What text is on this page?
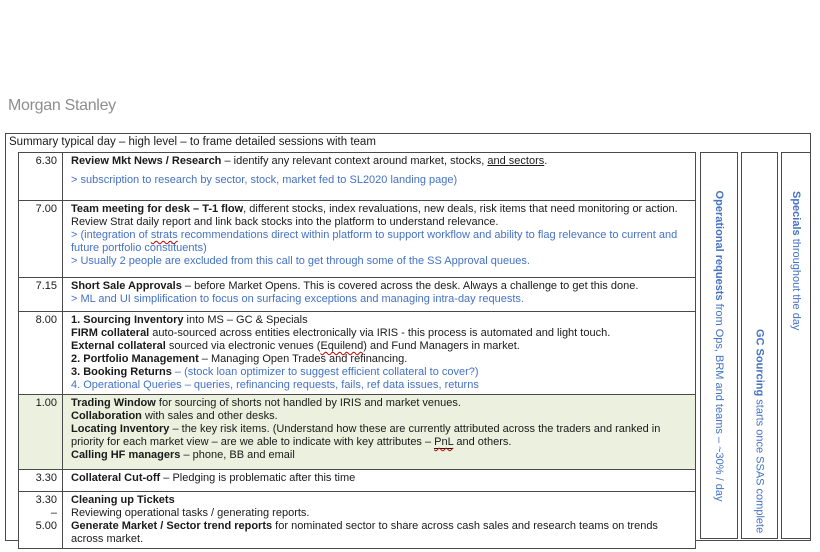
Morgan Stanley
Summary typical day – high level – to frame detailed sessions with team
6.30 Review Mkt News / Research – identify any relevant context around market, stocks, and sectors.
> subscription to research by sector, stock, market fed to SL2020 landing page)
7.00 Team meeting for desk – T-1 flow, different stocks, index revaluations, new deals, risk items that need monitoring or action. Review Strat daily report and link back stocks into the platform to understand relevance.
> (integration of strats recommendations direct within platform to support workflow and ability to flag relevance to current and future portfolio constituents)
> Usually 2 people are excluded from this call to get through some of the SS Approval queues.
7.15 Short Sale Approvals – before Market Opens. This is covered across the desk. Always a challenge to get this done.
> ML and UI simplification to focus on surfacing exceptions and managing intra-day requests.
8.00 1. Sourcing Inventory into MS – GC & Specials
FIRM collateral auto-sourced across entities electronically via IRIS - this process is automated and light touch.
External collateral sourced via electronic venues (Equilend) and Fund Managers in market.
2. Portfolio Management – Managing Open Trades and refinancing.
3. Booking Returns – (stock loan optimizer to suggest efficient collateral to cover?)
4. Operational Queries – queries, refinancing requests, fails, ref data issues, returns
1.00 Trading Window for sourcing of shorts not handled by IRIS and market venues.
Collaboration with sales and other desks.
Locating Inventory – the key risk items. (Understand how these are currently attributed across the traders and ranked in priority for each market view – are we able to indicate with key attributes – PnL and others.
Calling HF managers – phone, BB and email
3.30 Collateral Cut-off – Pledging is problematic after this time
3.30
–
5.00
Cleaning up Tickets
Reviewing operational tasks / generating reports.
Generate Market / Sector trend reports for nominated sector to share across cash sales and research teams on trends across market.
Operational requests from Ops, BRM and teams – ~30% / day	GC Sourcing starts once SSAS complete
Specials throughout the day
